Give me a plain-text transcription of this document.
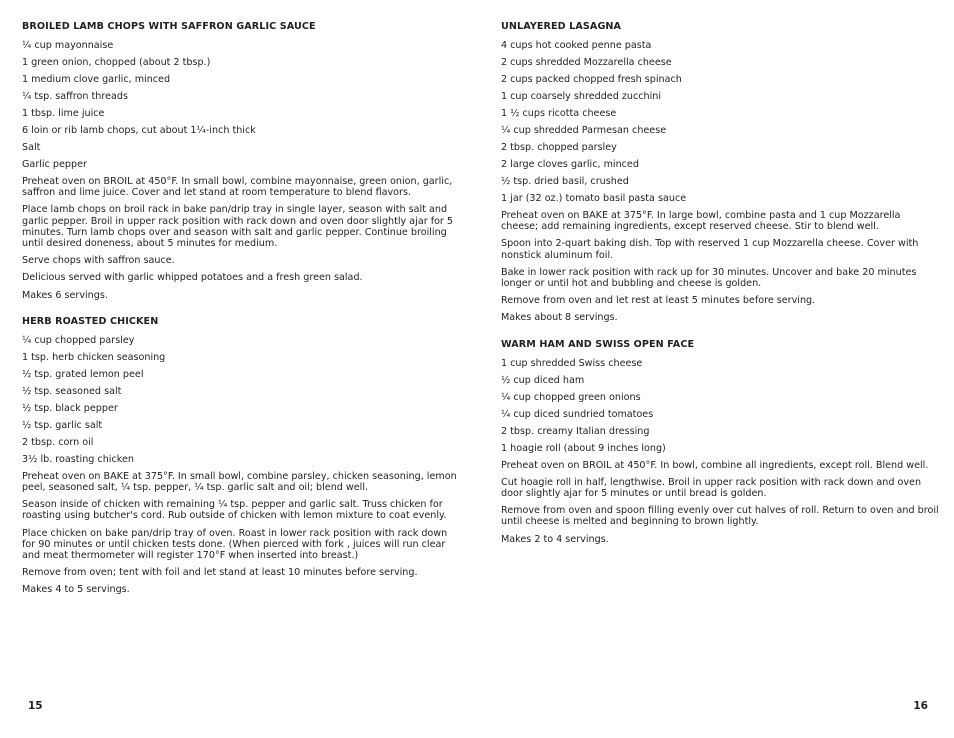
BROILED LAMB CHOPS WITH SAFFRON GARLIC SAUCE
¼ cup mayonnaise
1 green onion, chopped (about 2 tbsp.)
1 medium clove garlic, minced
¼ tsp. saffron threads
1 tbsp. lime juice
6 loin or rib lamb chops, cut about 1¼-inch thick
Salt
Garlic pepper
Preheat oven on BROIL at 450°F. In small bowl, combine mayonnaise, green onion, garlic, saffron and lime juice. Cover and let stand at room temperature to blend flavors.
Place lamb chops on broil rack in bake pan/drip tray in single layer, season with salt and garlic pepper. Broil in upper rack position with rack down and oven door slightly ajar for 5 minutes. Turn lamb chops over and season with salt and garlic pepper. Continue broiling until desired doneness, about 5 minutes for medium.
Serve chops with saffron sauce.
Delicious served with garlic whipped potatoes and a fresh green salad.
Makes 6 servings.
HERB ROASTED CHICKEN
¼ cup chopped parsley
1 tsp. herb chicken seasoning
½ tsp. grated lemon peel
½ tsp. seasoned salt
½ tsp. black pepper
½ tsp. garlic salt
2 tbsp. corn oil
3½ lb. roasting chicken
Preheat oven on BAKE at 375°F. In small bowl, combine parsley, chicken seasoning, lemon peel, seasoned salt, ¼ tsp. pepper, ¼ tsp. garlic salt and oil; blend well.
Season inside of chicken with remaining ¼ tsp. pepper and garlic salt. Truss chicken for roasting using butcher's cord. Rub outside of chicken with lemon mixture to coat evenly.
Place chicken on bake pan/drip tray of oven. Roast in lower rack position with rack down for 90 minutes or until chicken tests done. (When pierced with fork , juices will run clear and meat thermometer will register 170°F when inserted into breast.)
Remove from oven; tent with foil and let stand at least 10 minutes before serving.
Makes 4 to 5 servings.
UNLAYERED LASAGNA
4 cups hot cooked penne pasta
2 cups shredded Mozzarella cheese
2 cups packed chopped fresh spinach
1 cup coarsely shredded zucchini
1 ½ cups ricotta cheese
¼ cup shredded Parmesan cheese
2 tbsp. chopped parsley
2 large cloves garlic, minced
½ tsp. dried basil, crushed
1 jar (32 oz.) tomato basil pasta sauce
Preheat oven on BAKE at 375°F. In large bowl, combine pasta and 1 cup Mozzarella cheese; add remaining ingredients, except reserved cheese. Stir to blend well.
Spoon into 2-quart baking dish. Top with reserved 1 cup Mozzarella cheese. Cover with nonstick aluminum foil.
Bake in lower rack position with rack up for 30 minutes. Uncover and bake 20 minutes longer or until hot and bubbling and cheese is golden.
Remove from oven and let rest at least 5 minutes before serving.
Makes about 8 servings.
WARM HAM AND SWISS OPEN FACE
1 cup shredded Swiss cheese
½ cup diced ham
¼ cup chopped green onions
¼ cup diced sundried tomatoes
2 tbsp. creamy Italian dressing
1 hoagie roll (about 9 inches long)
Preheat oven on BROIL at 450°F. In bowl, combine all ingredients, except roll. Blend well.
Cut hoagie roll in half, lengthwise. Broil in upper rack position with rack down and oven door slightly ajar for 5 minutes or until bread is golden.
Remove from oven and spoon filling evenly over cut halves of roll. Return to oven and broil until cheese is melted and beginning to brown lightly.
Makes 2 to 4 servings.
15	16
